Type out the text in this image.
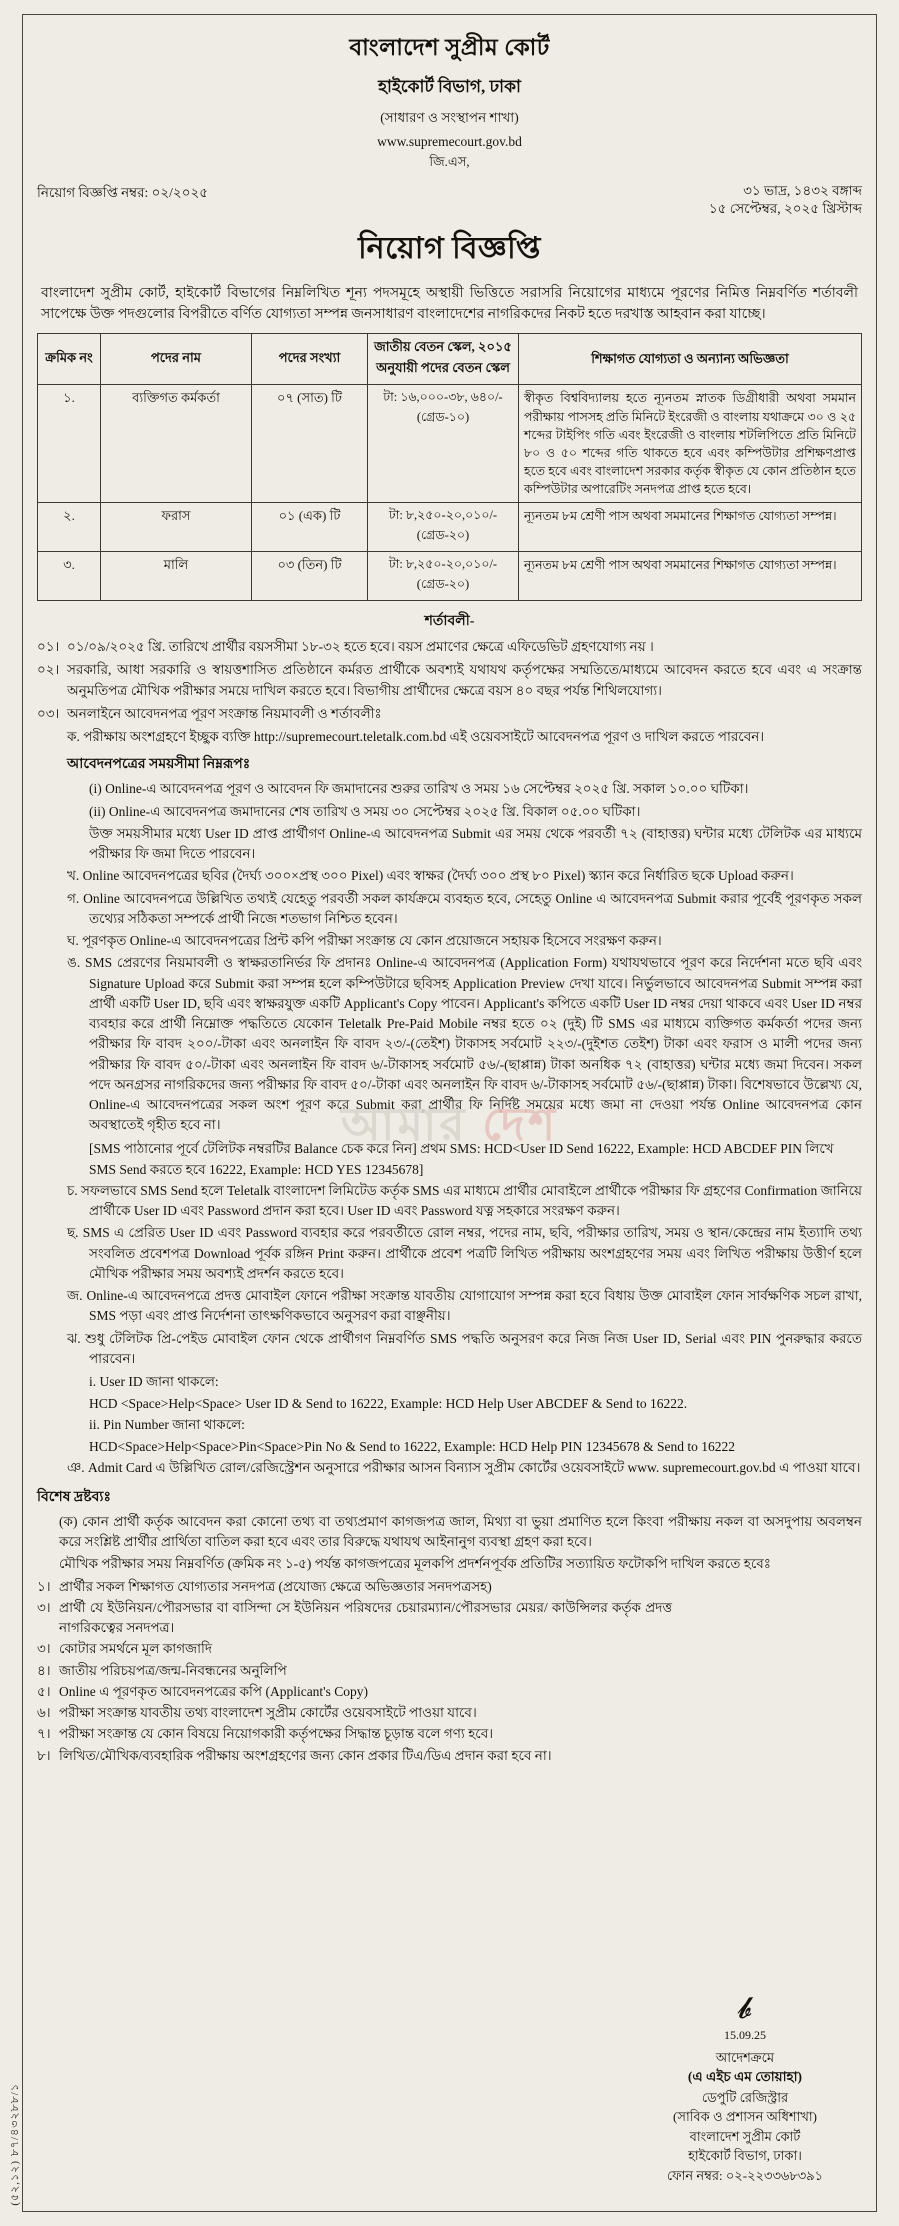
বাংলাদেশ সুপ্রীম কোর্ট
হাইকোর্ট বিভাগ, ঢাকা
(সাধারণ ও সংস্থাপন শাখা)
www.supremecourt.gov.bd
জি.এস,
নিয়োগ বিজ্ঞপ্তি নম্বর: ০২/২০২৫	৩১ ভাদ্র, ১৪৩২ বঙ্গাব্দ
১৫ সেপ্টেম্বর, ২০২৫ খ্রিস্টাব্দ
নিয়োগ বিজ্ঞপ্তি
বাংলাদেশ সুপ্রীম কোর্ট, হাইকোর্ট বিভাগের নিম্নলিখিত শূন্য পদসমূহে অস্থায়ী ভিত্তিতে সরাসরি নিয়োগের মাধ্যমে পূরণের নিমিত্ত নিম্নবর্ণিত শর্তাবলী সাপেক্ষে উক্ত পদগুলোর বিপরীতে বর্ণিত যোগ্যতা সম্পন্ন জনসাধারণ বাংলাদেশের নাগরিকদের নিকট হতে দরখাস্ত আহবান করা যাচ্ছে।
ক্রমিক নং	পদের নাম	পদের সংখ্যা	জাতীয় বেতন স্কেল, ২০১৫ অনুযায়ী পদের বেতন স্কেল	শিক্ষাগত যোগ্যতা ও অন্যান্য অভিজ্ঞতা
১.	ব্যক্তিগত কর্মকর্তা	০৭ (সাত) টি	টা: ১৬,০০০-৩৮, ৬৪০/-(গ্রেড-১০)	স্বীকৃত বিশ্ববিদ্যালয় হতে ন্যূনতম স্নাতক ডিগ্রীধারী অথবা সমমান পরীক্ষায় পাসসহ প্রতি মিনিটে ইংরেজী ও বাংলায় যথাক্রমে ৩০ ও ২৫ শব্দের টাইপিং গতি এবং ইংরেজী ও বাংলায় শটলিপিতে প্রতি মিনিটে ৮০ ও ৫০ শব্দের গতি থাকতে হবে এবং কম্পিউটার প্রশিক্ষণপ্রাপ্ত হতে হবে এবং বাংলাদেশ সরকার কর্তৃক স্বীকৃত যে কোন প্রতিষ্ঠান হতে কম্পিউটার অপারেটিং সনদপত্র প্রাপ্ত হতে হবে।
২.	ফরাস	০১ (এক) টি	টা: ৮,২৫০-২০,০১০/- (গ্রেড-২০)	ন্যূনতম ৮ম শ্রেণী পাস অথবা সমমানের শিক্ষাগত যোগ্যতা সম্পন্ন।
৩.	মালি	০৩ (তিন) টি	টা: ৮,২৫০-২০,০১০/-(গ্রেড-২০)	ন্যূনতম ৮ম শ্রেণী পাস অথবা সমমানের শিক্ষাগত যোগ্যতা সম্পন্ন।
শর্তাবলী-
০১। ০১/০৯/২০২৫ খ্রি. তারিখে প্রার্থীর বয়সসীমা ১৮-৩২ হতে হবে। বয়স প্রমাণের ক্ষেত্রে এফিডেভিট গ্রহণযোগ্য নয় ।
০২। সরকারি, আধা সরকারি ও স্বায়ত্তশাসিত প্রতিষ্ঠানে কর্মরত প্রার্থীকে অবশ্যই যথাযথ কর্তৃপক্ষের সম্মতিতে/মাধ্যমে আবেদন করতে হবে এবং এ সংক্রান্ত অনুমতিপত্র মৌখিক পরীক্ষার সময়ে দাখিল করতে হবে। বিভাগীয় প্রার্থীদের ক্ষেত্রে বয়স ৪০ বছর পর্যন্ত শিথিলযোগ্য।
০৩। অনলাইনে আবেদনপত্র পূরণ সংক্রান্ত নিয়মাবলী ও শর্তাবলীঃ
ক. পরীক্ষায় অংশগ্রহণে ইচ্ছুক ব্যক্তি http://supremecourt.teletalk.com.bd এই ওয়েবসাইটে আবেদনপত্র পূরণ ও দাখিল করতে পারবেন।
আবেদনপত্রের সময়সীমা নিম্নরূপঃ
(i) Online-এ আবেদনপত্র পূরণ ও আবেদন ফি জমাদানের শুরুর তারিখ ও সময় ১৬ সেপ্টেম্বর ২০২৫ খ্রি. সকাল ১০.০০ ঘটিকা।
(ii) Online-এ আবেদনপত্র জমাদানের শেষ তারিখ ও সময় ৩০ সেপ্টেম্বর ২০২৫ খ্রি. বিকাল ০৫.০০ ঘটিকা।
উক্ত সময়সীমার মধ্যে User ID প্রাপ্ত প্রার্থীগণ Online-এ আবেদনপত্র Submit এর সময় থেকে পরবর্তী ৭২ (বাহাত্তর) ঘন্টার মধ্যে টেলিটক এর মাধ্যমে পরীক্ষার ফি জমা দিতে পারবেন।
খ. Online আবেদনপত্রের ছবির (দৈর্ঘ্য ৩০০×প্রস্থ ৩০০ Pixel) এবং স্বাক্ষর (দৈর্ঘ্য ৩০০ প্রস্থ ৮০ Pixel) স্ক্যান করে নির্ধারিত ছকে Upload করুন।
গ. Online আবেদনপত্রে উল্লিখিত তথ্যই যেহেতু পরবর্তী সকল কার্যক্রমে ব্যবহৃত হবে, সেহেতু Online এ আবেদনপত্র Submit করার পূর্বেই পূরণকৃত সকল তথ্যের সঠিকতা সম্পর্কে প্রার্থী নিজে শতভাগ নিশ্চিত হবেন।
ঘ. পূরণকৃত Online-এ আবেদনপত্রের প্রিন্ট কপি পরীক্ষা সংক্রান্ত যে কোন প্রয়োজনে সহায়ক হিসেবে সংরক্ষণ করুন।
ঙ. SMS প্রেরণের নিয়মাবলী ও স্বাক্ষরতানির্ভর ফি প্রদানঃ Online-এ আবেদনপত্র (Application Form) যথাযথভাবে পূরণ করে নির্দেশনা মতে ছবি এবং Signature Upload করে Submit করা সম্পন্ন হলে কম্পিউটারে ছবিসহ Application Preview দেখা যাবে। নির্ভুলভাবে আবেদনপত্র Submit সম্পন্ন করা প্রার্থী একটি User ID, ছবি এবং স্বাক্ষরযুক্ত একটি Applicant's Copy পাবেন। Applicant's কপিতে একটি User ID নম্বর দেয়া থাকবে এবং User ID নম্বর ব্যবহার করে প্রার্থী নিম্নোক্ত পদ্ধতিতে যেকোন Teletalk Pre-Paid Mobile নম্বর হতে ০২ (দুই) টি SMS এর মাধ্যমে ব্যক্তিগত কর্মকর্তা পদের জন্য পরীক্ষার ফি বাবদ ২০০/-টাকা এবং অনলাইন ফি বাবদ ২৩/-(তেইশ) টাকাসহ সর্বমোট ২২৩/-(দুইশত তেইশ) টাকা এবং ফরাস ও মালী পদের জন্য পরীক্ষার ফি বাবদ ৫০/-টাকা এবং অনলাইন ফি বাবদ ৬/-টাকাসহ সর্বমোট ৫৬/-(ছাপ্পান্ন) টাকা অনধিক ৭২ (বাহাত্তর) ঘন্টার মধ্যে জমা দিবেন। সকল পদে অনগ্রসর নাগরিকদের জন্য পরীক্ষার ফি বাবদ ৫০/-টাকা এবং অনলাইন ফি বাবদ ৬/-টাকাসহ সর্বমোট ৫৬/-(ছাপ্পান্ন) টাকা। বিশেষভাবে উল্লেখ্য যে, Online-এ আবেদনপত্রের সকল অংশ পূরণ করে Submit করা প্রার্থীর ফি নির্দিষ্ট সময়ের মধ্যে জমা না দেওয়া পর্যন্ত Online আবেদনপত্র কোন অবস্থাতেই গৃহীত হবে না।
[SMS পাঠানোর পূর্বে টেলিটক নম্বরটির Balance চেক করে নিন] প্রথম SMS: HCD<User ID Send 16222, Example: HCD ABCDEF PIN লিখে SMS Send করতে হবে 16222, Example: HCD YES 12345678]
চ. সফলভাবে SMS Send হলে Teletalk বাংলাদেশ লিমিটেড কর্তৃক SMS এর মাধ্যমে প্রার্থীর মোবাইলে প্রার্থীকে পরীক্ষার ফি গ্রহণের Confirmation জানিয়ে প্রার্থীকে User ID এবং Password প্রদান করা হবে। User ID এবং Password যত্ন সহকারে সংরক্ষণ করুন।
ছ. SMS এ প্রেরিত User ID এবং Password ব্যবহার করে পরবর্তীতে রোল নম্বর, পদের নাম, ছবি, পরীক্ষার তারিখ, সময় ও স্থান/কেন্দ্রের নাম ইত্যাদি তথ্য সংবলিত প্রবেশপত্র Download পূর্বক রঙ্গিন Print করুন। প্রার্থীকে প্রবেশ পত্রটি লিখিত পরীক্ষায় অংশগ্রহণের সময় এবং লিখিত পরীক্ষায় উত্তীর্ণ হলে মৌখিক পরীক্ষার সময় অবশ্যই প্রদর্শন করতে হবে।
জ. Online-এ আবেদনপত্রে প্রদত্ত মোবাইল ফোনে পরীক্ষা সংক্রান্ত যাবতীয় যোগাযোগ সম্পন্ন করা হবে বিধায় উক্ত মোবাইল ফোন সার্বক্ষণিক সচল রাখা, SMS পড়া এবং প্রাপ্ত নির্দেশনা তাৎক্ষণিকভাবে অনুসরণ করা বাঞ্ছনীয়।
ঝ. শুধু টেলিটক প্রি-পেইড মোবাইল ফোন থেকে প্রার্থীগণ নিম্নবর্ণিত SMS পদ্ধতি অনুসরণ করে নিজ নিজ User ID, Serial এবং PIN পুনরুদ্ধার করতে পারবেন।
i. User ID জানা থাকলে:
HCD <Space>Help<Space> User ID & Send to 16222, Example: HCD Help User ABCDEF & Send to 16222.
ii. Pin Number জানা থাকলে:
HCD<Space>Help<Space>Pin<Space>Pin No & Send to 16222, Example: HCD Help PIN 12345678 & Send to 16222
ঞ. Admit Card এ উল্লিখিত রোল/রেজিস্ট্রেশন অনুসারে পরীক্ষার আসন বিন্যাস সুপ্রীম কোর্টের ওয়েবসাইটে www. supremecourt.gov.bd এ পাওয়া যাবে।
বিশেষ দ্রষ্টব্যঃ
(ক) কোন প্রার্থী কর্তৃক আবেদন করা কোনো তথ্য বা তথ্যপ্রমাণ কাগজপত্র জাল, মিথ্যা বা ভুয়া প্রমাণিত হলে কিংবা পরীক্ষায় নকল বা অসদুপায় অবলম্বন করে সংশ্লিষ্ট প্রার্থীর প্রার্থিতা বাতিল করা হবে এবং তার বিরুদ্ধে যথাযথ আইনানুগ ব্যবস্থা গ্রহণ করা হবে।
মৌখিক পরীক্ষার সময় নিম্নবর্ণিত (ক্রমিক নং ১-৫) পর্যন্ত কাগজপত্রের মূলকপি প্রদর্শনপূর্বক প্রতিটির সত্যায়িত ফটোকপি দাখিল করতে হবেঃ
১। প্রার্থীর সকল শিক্ষাগত যোগ্যতার সনদপত্র (প্রযোজ্য ক্ষেত্রে অভিজ্ঞতার সনদপত্রসহ)
৩। প্রার্থী যে ইউনিয়ন/পৌরসভার বা বাসিন্দা সে ইউনিয়ন পরিষদের চেয়ারম্যান/পৌরসভার মেয়র/ কাউন্সিলর কর্তৃক প্রদত্ত নাগরিকত্বের সনদপত্র।
৩। কোটার সমর্থনে মূল কাগজাদি
৪। জাতীয় পরিচয়পত্র/জন্ম-নিবন্ধনের অনুলিপি
৫। Online এ পূরণকৃত আবেদনপত্রের কপি (Applicant's Copy)
৬। পরীক্ষা সংক্রান্ত যাবতীয় তথ্য বাংলাদেশ সুপ্রীম কোর্টের ওয়েবসাইটে পাওয়া যাবে।
৭। পরীক্ষা সংক্রান্ত যে কোন বিষয়ে নিয়োগকারী কর্তৃপক্ষের সিদ্ধান্ত চূড়ান্ত বলে গণ্য হবে।
৮। লিখিত/মৌখিক/ব্যবহারিক পরীক্ষায় অংশগ্রহণের জন্য কোন প্রকার টিএ/ডিএ প্রদান করা হবে না।
𝓫
15.09.25
আদেশক্রমে
(এ এইচ এম তোয়াহা)
ডেপুটি রেজিস্ট্রার
(সাবিক ও প্রশাসন অধিশাখা)
বাংলাদেশ সুপ্রীম কোর্ট
হাইকোর্ট বিভাগ, ঢাকা।
ফোন নম্বর: ০২-২২৩৩৬৮৩৯১
আমার দেশ
(৫২,১২) ৮৭/৪৩২৮৮/১
